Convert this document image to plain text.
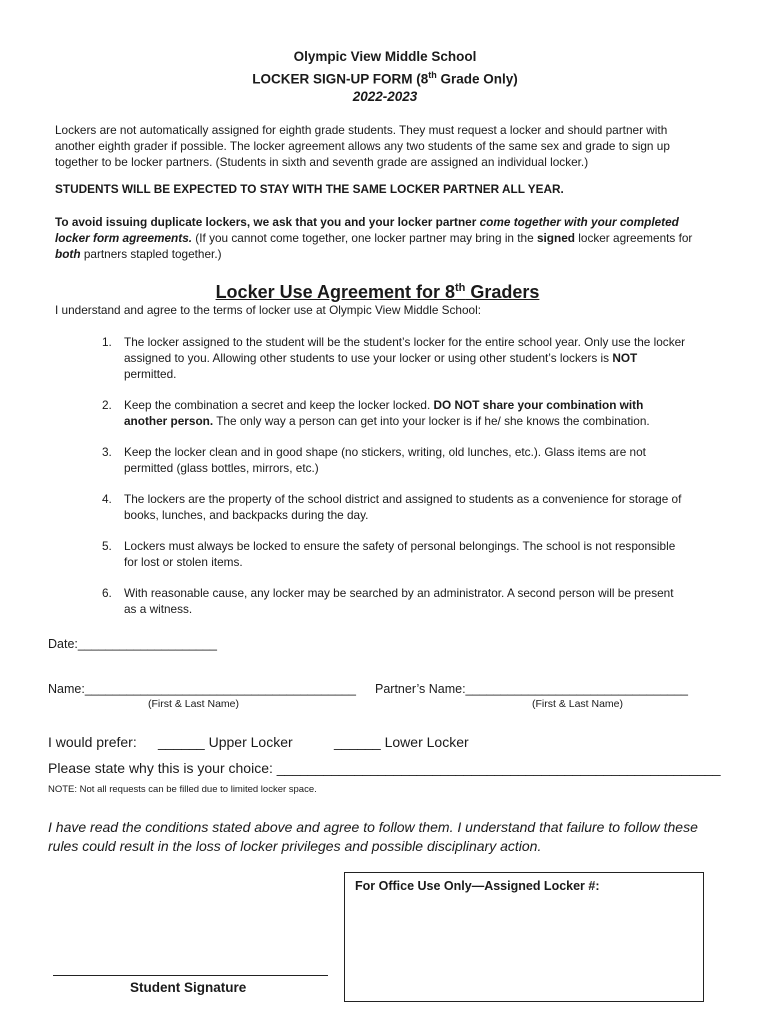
Olympic View Middle School
LOCKER SIGN-UP FORM (8th Grade Only)
2022-2023
Lockers are not automatically assigned for eighth grade students. They must request a locker and should partner with another eighth grader if possible. The locker agreement allows any two students of the same sex and grade to sign up together to be locker partners. (Students in sixth and seventh grade are assigned an individual locker.)
STUDENTS WILL BE EXPECTED TO STAY WITH THE SAME LOCKER PARTNER ALL YEAR.
To avoid issuing duplicate lockers, we ask that you and your locker partner come together with your completed locker form agreements. (If you cannot come together, one locker partner may bring in the signed locker agreements for both partners stapled together.)
Locker Use Agreement for 8th Graders
I understand and agree to the terms of locker use at Olympic View Middle School:
1. The locker assigned to the student will be the student’s locker for the entire school year. Only use the locker assigned to you. Allowing other students to use your locker or using other student’s lockers is NOT permitted.
2. Keep the combination a secret and keep the locker locked. DO NOT share your combination with another person. The only way a person can get into your locker is if he/ she knows the combination.
3. Keep the locker clean and in good shape (no stickers, writing, old lunches, etc.). Glass items are not permitted (glass bottles, mirrors, etc.)
4. The lockers are the property of the school district and assigned to students as a convenience for storage of books, lunches, and backpacks during the day.
5. Lockers must always be locked to ensure the safety of personal belongings. The school is not responsible for lost or stolen items.
6. With reasonable cause, any locker may be searched by an administrator. A second person will be present as a witness.
Date:____________________
Name:_______________________________________ Partner’s Name:________________________________
(First & Last Name)	(First & Last Name)
I would prefer: ______ Upper Locker	______ Lower Locker
Please state why this is your choice: _________________________________________________________
NOTE: Not all requests can be filled due to limited locker space.
I have read the conditions stated above and agree to follow them. I understand that failure to follow these rules could result in the loss of locker privileges and possible disciplinary action.
For Office Use Only—Assigned Locker #:
Student Signature
